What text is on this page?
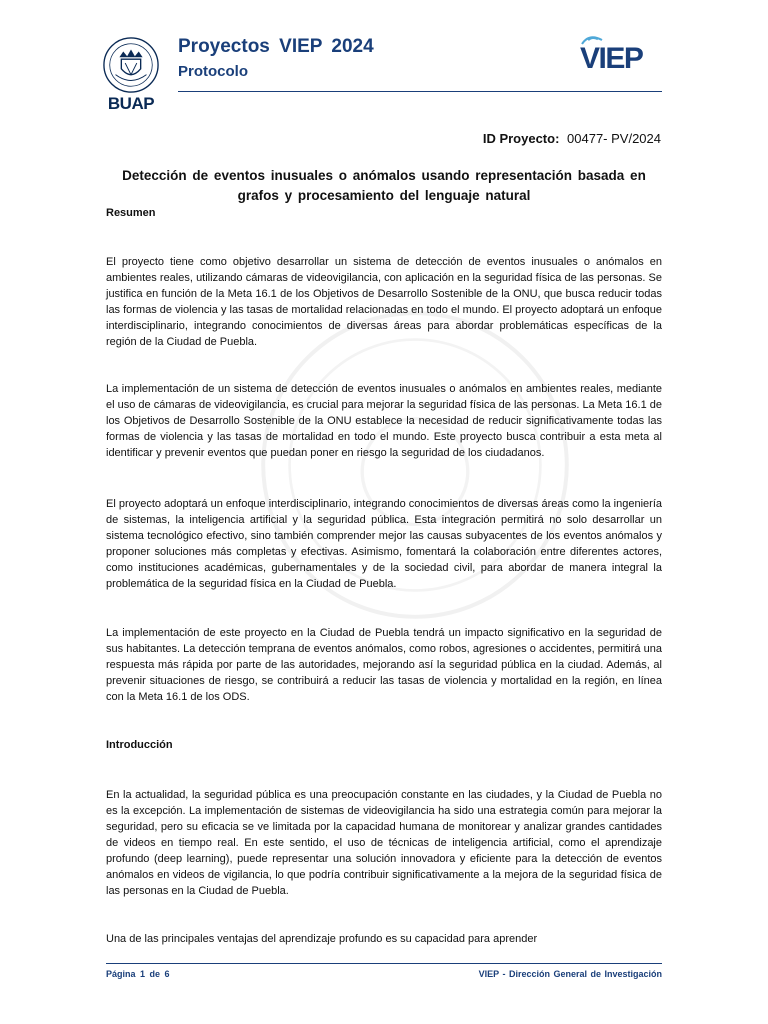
BUAP
Proyectos VIEP 2024
Protocolo	VIEP
ID Proyecto: 00477- PV/2024
Detección de eventos inusuales o anómalos usando representación basada en
grafos y procesamiento del lenguaje natural
Resumen

El proyecto tiene como objetivo desarrollar un sistema de detección de eventos inusuales o anómalos en ambientes reales, utilizando cámaras de videovigilancia, con aplicación en la seguridad física de las personas. Se justifica en función de la Meta 16.1 de los Objetivos de Desarrollo Sostenible de la ONU, que busca reducir todas las formas de violencia y las tasas de mortalidad relacionadas en todo el mundo. El proyecto adoptará un enfoque interdisciplinario, integrando conocimientos de diversas áreas para abordar problemáticas específicas de la región de la Ciudad de Puebla.

La implementación de un sistema de detección de eventos inusuales o anómalos en ambientes reales, mediante el uso de cámaras de videovigilancia, es crucial para mejorar la seguridad física de las personas. La Meta 16.1 de los Objetivos de Desarrollo Sostenible de la ONU establece la necesidad de reducir significativamente todas las formas de violencia y las tasas de mortalidad en todo el mundo. Este proyecto busca contribuir a esta meta al identificar y prevenir eventos que puedan poner en riesgo la seguridad de los ciudadanos.

El proyecto adoptará un enfoque interdisciplinario, integrando conocimientos de diversas áreas como la ingeniería de sistemas, la inteligencia artificial y la seguridad pública. Esta integración permitirá no solo desarrollar un sistema tecnológico efectivo, sino también comprender mejor las causas subyacentes de los eventos anómalos y proponer soluciones más completas y efectivas. Asimismo, fomentará la colaboración entre diferentes actores, como instituciones académicas, gubernamentales y de la sociedad civil, para abordar de manera integral la problemática de la seguridad física en la Ciudad de Puebla.

La implementación de este proyecto en la Ciudad de Puebla tendrá un impacto significativo en la seguridad de sus habitantes. La detección temprana de eventos anómalos, como robos, agresiones o accidentes, permitirá una respuesta más rápida por parte de las autoridades, mejorando así la seguridad pública en la ciudad. Además, al prevenir situaciones de riesgo, se contribuirá a reducir las tasas de violencia y mortalidad en la región, en línea con la Meta 16.1 de los ODS.

Introducción

En la actualidad, la seguridad pública es una preocupación constante en las ciudades, y la Ciudad de Puebla no es la excepción. La implementación de sistemas de videovigilancia ha sido una estrategia común para mejorar la seguridad, pero su eficacia se ve limitada por la capacidad humana de monitorear y analizar grandes cantidades de videos en tiempo real. En este sentido, el uso de técnicas de inteligencia artificial, como el aprendizaje profundo (deep learning), puede representar una solución innovadora y eficiente para la detección de eventos anómalos en videos de vigilancia, lo que podría contribuir significativamente a la mejora de la seguridad física de las personas en la Ciudad de Puebla.

Una de las principales ventajas del aprendizaje profundo es su capacidad para aprender

Página 1 de 6	VIEP - Dirección General de Investigación
